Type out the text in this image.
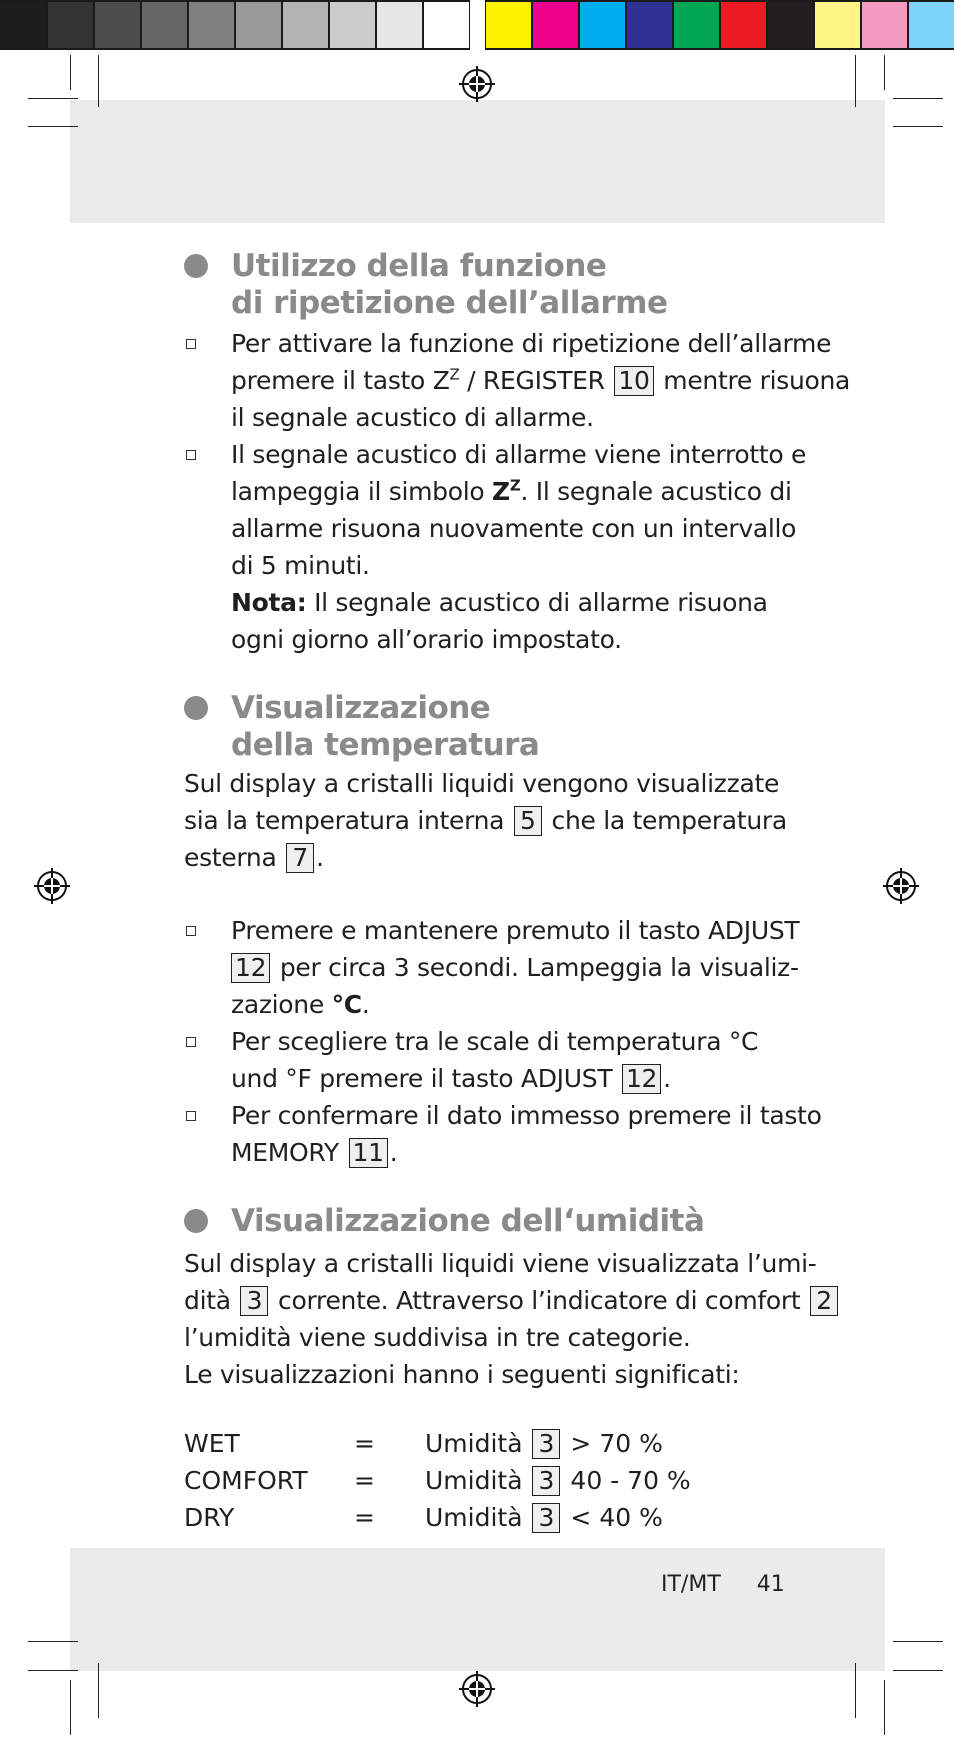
Utilizzo della funzione
di ripetizione dell’allarme
Per attivare la funzione di ripetizione dell’allarme
premere il tasto $Z^Z$ / REGISTER 10 mentre risuona
il segnale acustico di allarme.
Il segnale acustico di allarme viene interrotto e
lampeggia il simbolo $Z^Z$. Il segnale acustico di
allarme risuona nuovamente con un intervallo
di 5 minuti.
Nota: Il segnale acustico di allarme risuona
ogni giorno all’orario impostato.
Visualizzazione
della temperatura
Sul display a cristalli liquidi vengono visualizzate
sia la temperatura interna 5 che la temperatura
esterna 7 .
Premere e mantenere premuto il tasto ADJUST
12 per circa 3 secondi. Lampeggia la visualiz-
zazione °C.
Per scegliere tra le scale di temperatura °C
und °F premere il tasto ADJUST 12 .
Per confermare il dato immesso premere il tasto
MEMORY 11 .
Visualizzazione dell‘umidità
Sul display a cristalli liquidi viene visualizzata l’umi-
dità 3 corrente. Attraverso l’indicatore di comfort 2
l’umidità viene suddivisa in tre categorie.
Le visualizzazioni hanno i seguenti significati:
WET	= Umidità 3 > 70 %
COMFORT = Umidità 3 40 - 70 %
DRY	= Umidità 3 < 40 %
IT/MT 41
